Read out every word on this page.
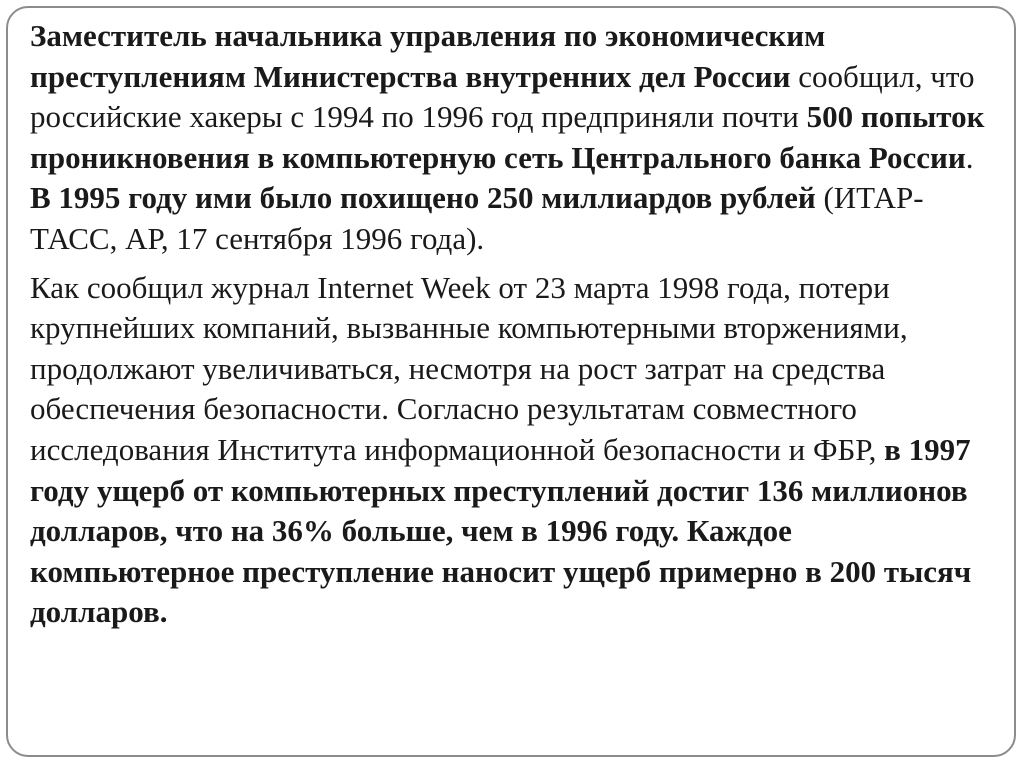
Заместитель начальника управления по экономическим преступлениям Министерства внутренних дел России сообщил, что российские хакеры с 1994 по 1996 год предприняли почти 500 попыток проникновения в компьютерную сеть Центрального банка России. В 1995 году ими было похищено 250 миллиардов рублей (ИТАР-ТАСС, АР, 17 сентября 1996 года).

Как сообщил журнал Internet Week от 23 марта 1998 года, потери крупнейших компаний, вызванные компьютерными вторжениями, продолжают увеличиваться, несмотря на рост затрат на средства обеспечения безопасности. Согласно результатам совместного исследования Института информационной безопасности и ФБР, в 1997 году ущерб от компьютерных преступлений достиг 136 миллионов долларов, что на 36% больше, чем в 1996 году. Каждое компьютерное преступление наносит ущерб примерно в 200 тысяч долларов.
